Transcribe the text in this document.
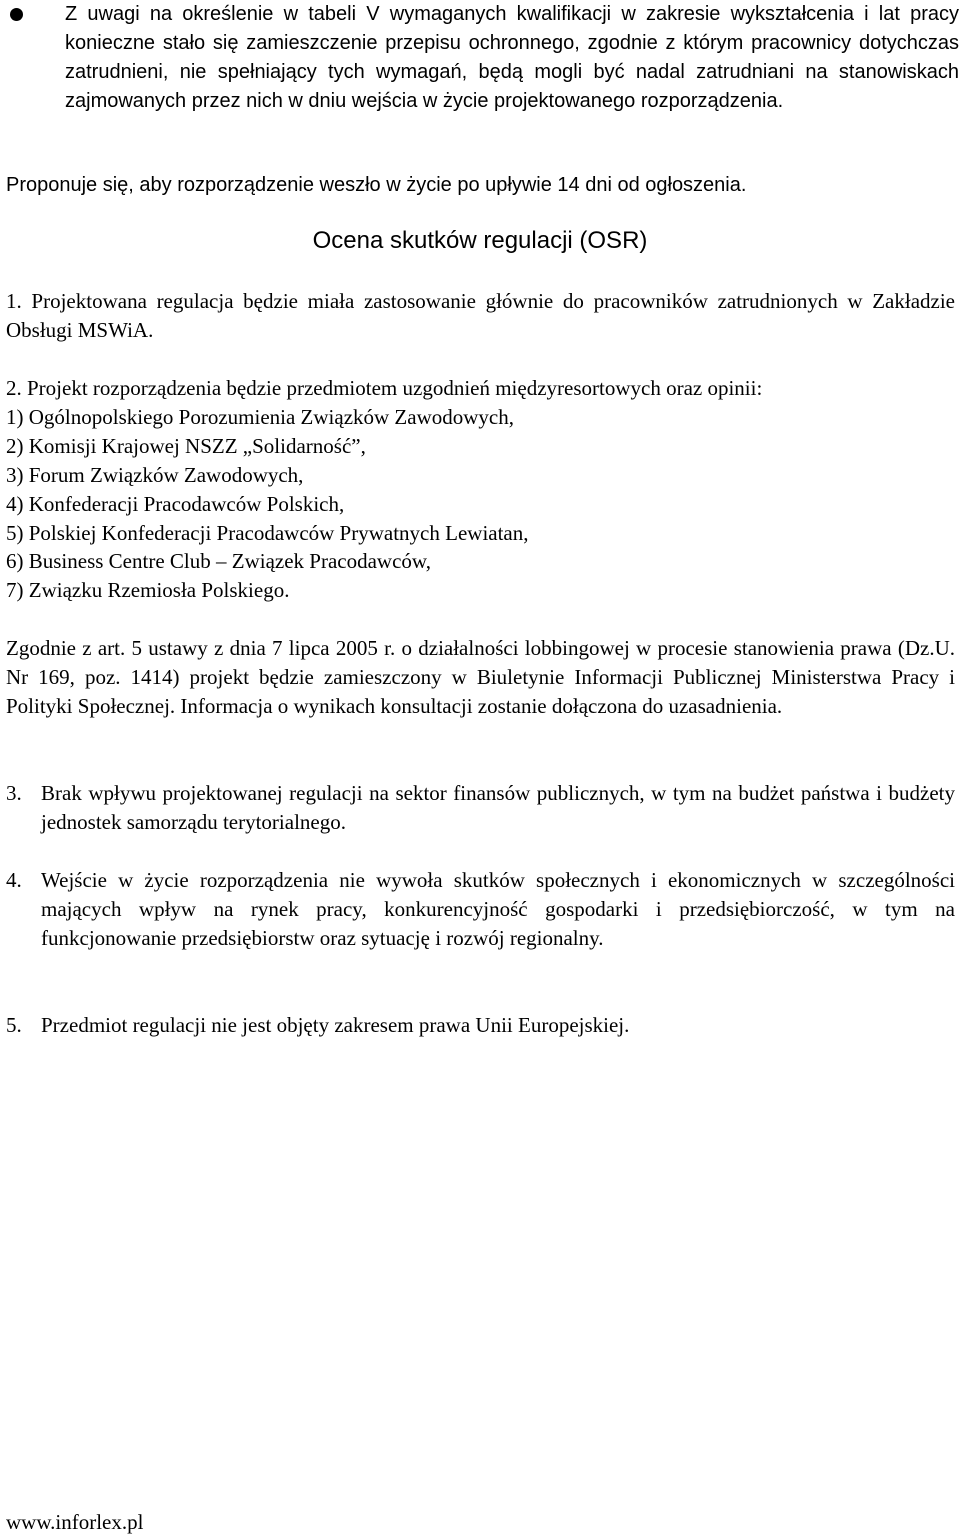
Z uwagi na określenie w tabeli V wymaganych kwalifikacji w zakresie wykształcenia i lat pracy konieczne stało się zamieszczenie przepisu ochronnego, zgodnie z którym pracownicy dotychczas zatrudnieni, nie spełniający tych wymagań, będą mogli być nadal zatrudniani na stanowiskach zajmowanych przez nich w dniu wejścia w życie projektowanego rozporządzenia.
Proponuje się, aby rozporządzenie weszło w życie po upływie 14 dni od ogłoszenia.
Ocena skutków regulacji (OSR)
1. Projektowana regulacja będzie miała zastosowanie głównie do pracowników zatrudnionych w Zakładzie Obsługi MSWiA.
2. Projekt rozporządzenia będzie przedmiotem uzgodnień międzyresortowych oraz opinii:
1) Ogólnopolskiego Porozumienia Związków Zawodowych,
2) Komisji Krajowej NSZZ „Solidarność”,
3) Forum Związków Zawodowych,
4) Konfederacji Pracodawców Polskich,
5) Polskiej Konfederacji Pracodawców Prywatnych Lewiatan,
6) Business Centre Club – Związek Pracodawców,
7) Związku Rzemiosła Polskiego.
Zgodnie z art. 5 ustawy z dnia 7 lipca 2005 r. o działalności lobbingowej w procesie stanowienia prawa (Dz.U. Nr 169, poz. 1414) projekt będzie zamieszczony w Biuletynie Informacji Publicznej Ministerstwa Pracy i Polityki Społecznej. Informacja o wynikach konsultacji zostanie dołączona do uzasadnienia.
3. Brak wpływu projektowanej regulacji na sektor finansów publicznych, w tym na budżet państwa i budżety jednostek samorządu terytorialnego.
4. Wejście w życie rozporządzenia nie wywoła skutków społecznych i ekonomicznych w szczególności mających wpływ na rynek pracy, konkurencyjność gospodarki i przedsiębiorczość, w tym na funkcjonowanie przedsiębiorstw oraz sytuację i rozwój regionalny.
5. Przedmiot regulacji nie jest objęty zakresem prawa Unii Europejskiej.
www.inforlex.pl
